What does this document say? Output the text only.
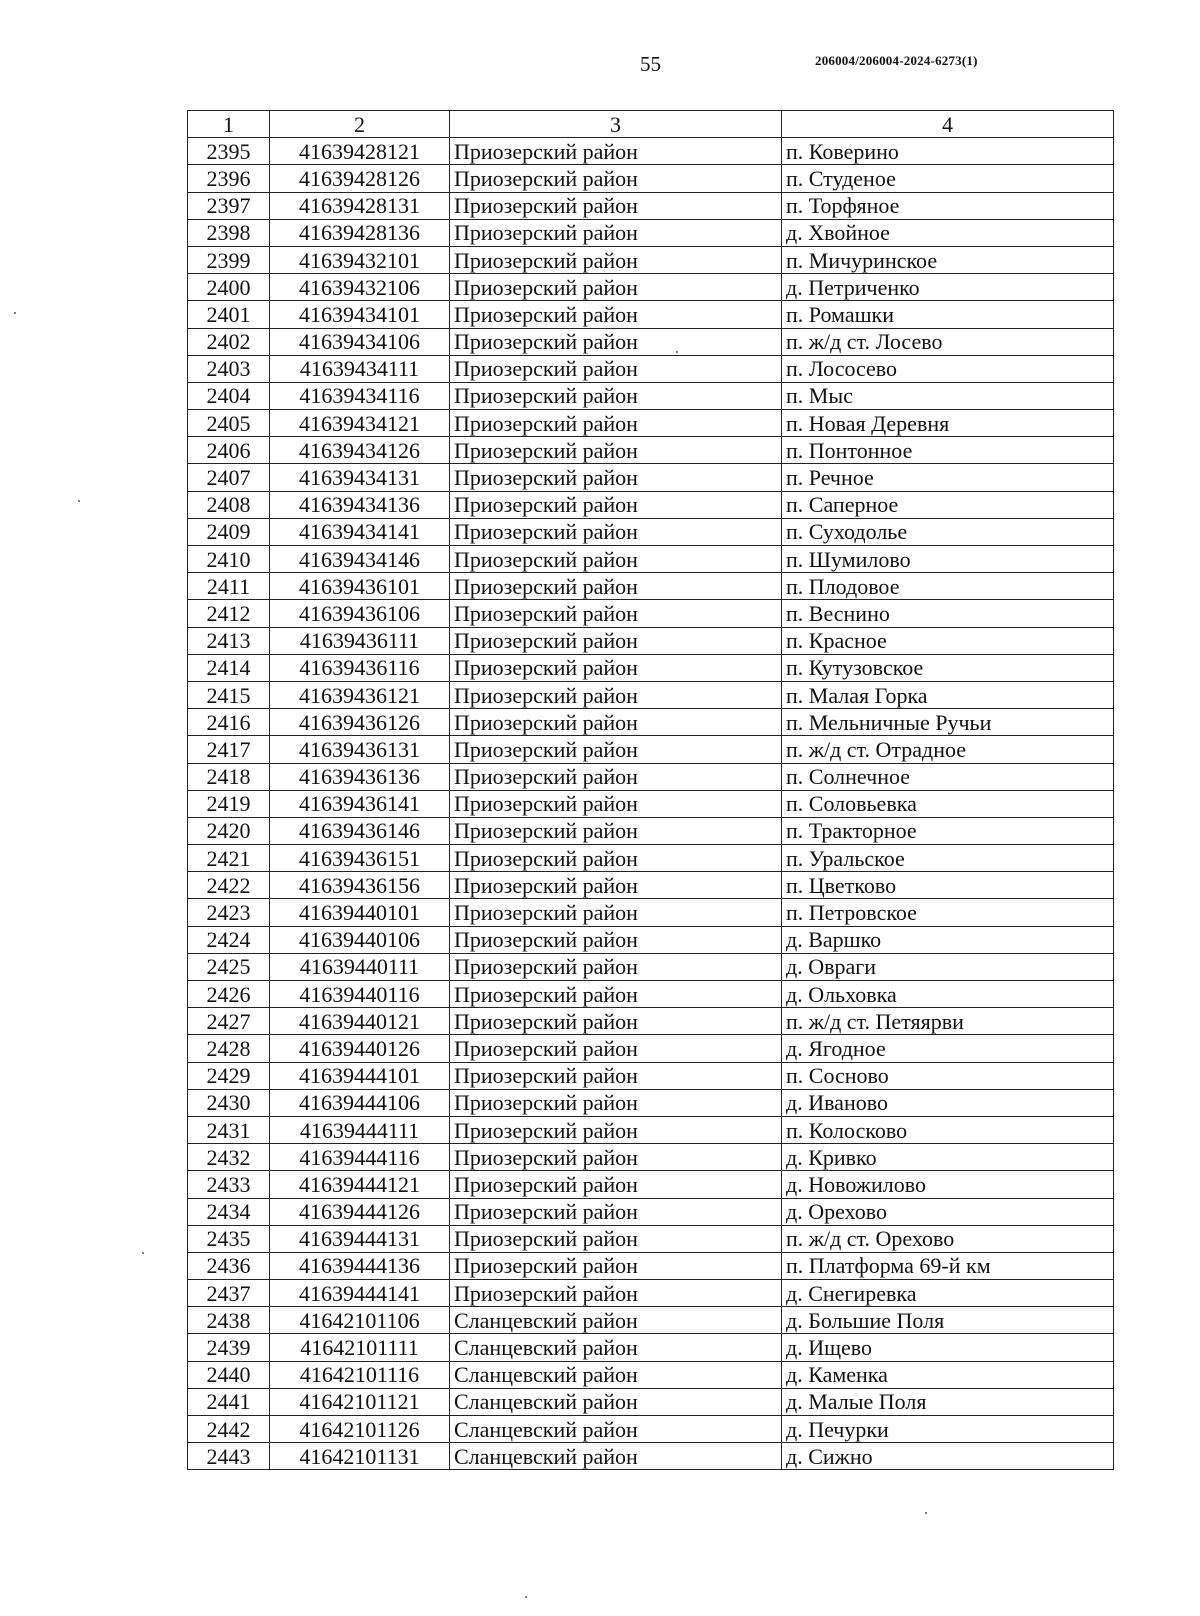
55	206004/206004-2024-6273(1)
1	2	3	4
2395	41639428121	Приозерский район	п. Коверино
2396	41639428126	Приозерский район	п. Студеное
2397	41639428131	Приозерский район	п. Торфяное
2398	41639428136	Приозерский район	д. Хвойное
2399	41639432101	Приозерский район	п. Мичуринское
2400	41639432106	Приозерский район	д. Петриченко
2401	41639434101	Приозерский район	п. Ромашки
2402	41639434106	Приозерский район	п. ж/д ст. Лосево
2403	41639434111	Приозерский район	п. Лососево
2404	41639434116	Приозерский район	п. Мыс
2405	41639434121	Приозерский район	п. Новая Деревня
2406	41639434126	Приозерский район	п. Понтонное
2407	41639434131	Приозерский район	п. Речное
2408	41639434136	Приозерский район	п. Саперное
2409	41639434141	Приозерский район	п. Суходолье
2410	41639434146	Приозерский район	п. Шумилово
2411	41639436101	Приозерский район	п. Плодовое
2412	41639436106	Приозерский район	п. Веснино
2413	41639436111	Приозерский район	п. Красное
2414	41639436116	Приозерский район	п. Кутузовское
2415	41639436121	Приозерский район	п. Малая Горка
2416	41639436126	Приозерский район	п. Мельничные Ручьи
2417	41639436131	Приозерский район	п. ж/д ст. Отрадное
2418	41639436136	Приозерский район	п. Солнечное
2419	41639436141	Приозерский район	п. Соловьевка
2420	41639436146	Приозерский район	п. Тракторное
2421	41639436151	Приозерский район	п. Уральское
2422	41639436156	Приозерский район	п. Цветково
2423	41639440101	Приозерский район	п. Петровское
2424	41639440106	Приозерский район	д. Варшко
2425	41639440111	Приозерский район	д. Овраги
2426	41639440116	Приозерский район	д. Ольховка
2427	41639440121	Приозерский район	п. ж/д ст. Петяярви
2428	41639440126	Приозерский район	д. Ягодное
2429	41639444101	Приозерский район	п. Сосново
2430	41639444106	Приозерский район	д. Иваново
2431	41639444111	Приозерский район	п. Колосково
2432	41639444116	Приозерский район	д. Кривко
2433	41639444121	Приозерский район	д. Новожилово
2434	41639444126	Приозерский район	д. Орехово
2435	41639444131	Приозерский район	п. ж/д ст. Орехово
2436	41639444136	Приозерский район	п. Платформа 69-й км
2437	41639444141	Приозерский район	д. Снегиревка
2438	41642101106	Сланцевский район	д. Большие Поля
2439	41642101111	Сланцевский район	д. Ищево
2440	41642101116	Сланцевский район	д. Каменка
2441	41642101121	Сланцевский район	д. Малые Поля
2442	41642101126	Сланцевский район	д. Печурки
2443	41642101131	Сланцевский район	д. Сижно
